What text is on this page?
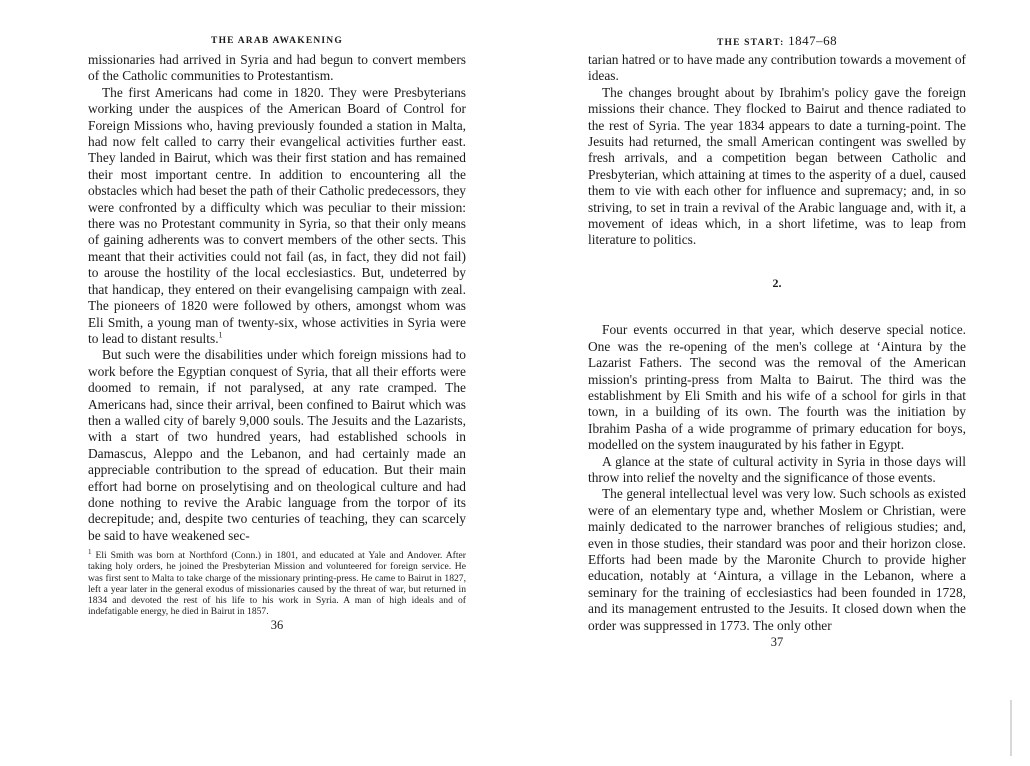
THE ARAB AWAKENING

missionaries had arrived in Syria and had begun to convert members of the Catholic communities to Protestantism.

The first Americans had come in 1820. They were Presbyterians working under the auspices of the American Board of Control for Foreign Missions who, having previously founded a station in Malta, had now felt called to carry their evangelical activities further east. They landed in Bairut, which was their first station and has remained their most important centre. In addition to encountering all the obstacles which had beset the path of their Catholic predecessors, they were confronted by a difficulty which was peculiar to their mission: there was no Protestant community in Syria, so that their only means of gaining adherents was to convert members of the other sects. This meant that their activities could not fail (as, in fact, they did not fail) to arouse the hostility of the local ecclesiastics. But, undeterred by that handicap, they entered on their evangelising campaign with zeal. The pioneers of 1820 were followed by others, amongst whom was Eli Smith, a young man of twenty-six, whose activities in Syria were to lead to distant results.$^1$

But such were the disabilities under which foreign missions had to work before the Egyptian conquest of Syria, that all their efforts were doomed to remain, if not paralysed, at any rate cramped. The Americans had, since their arrival, been confined to Bairut which was then a walled city of barely 9,000 souls. The Jesuits and the Lazarists, with a start of two hundred years, had established schools in Damascus, Aleppo and the Lebanon, and had certainly made an appreciable contribution to the spread of education. But their main effort had borne on proselytising and on theological culture and had done nothing to revive the Arabic language from the torpor of its decrepitude; and, despite two centuries of teaching, they can scarcely be said to have weakened sec-

$^1$ Eli Smith was born at Northford (Conn.) in 1801, and educated at Yale and Andover. After taking holy orders, he joined the Presbyterian Mission and volunteered for foreign service. He was first sent to Malta to take charge of the missionary printing-press. He came to Bairut in 1827, left a year later in the general exodus of missionaries caused by the threat of war, but returned in 1834 and devoted the rest of his life to his work in Syria. A man of high ideals and of indefatigable energy, he died in Bairut in 1857.
36
THE START: 1847–68

tarian hatred or to have made any contribution towards a movement of ideas.

The changes brought about by Ibrahim's policy gave the foreign missions their chance. They flocked to Bairut and thence radiated to the rest of Syria. The year 1834 appears to date a turning-point. The Jesuits had returned, the small American contingent was swelled by fresh arrivals, and a competition began between Catholic and Presbyterian, which attaining at times to the asperity of a duel, caused them to vie with each other for influence and supremacy; and, in so striving, to set in train a revival of the Arabic language and, with it, a movement of ideas which, in a short lifetime, was to leap from literature to politics.

2.

Four events occurred in that year, which deserve special notice. One was the re-opening of the men's college at ‘Aintura by the Lazarist Fathers. The second was the removal of the American mission's printing-press from Malta to Bairut. The third was the establishment by Eli Smith and his wife of a school for girls in that town, in a building of its own. The fourth was the initiation by Ibrahim Pasha of a wide programme of primary education for boys, modelled on the system inaugurated by his father in Egypt.

A glance at the state of cultural activity in Syria in those days will throw into relief the novelty and the significance of those events.

The general intellectual level was very low. Such schools as existed were of an elementary type and, whether Moslem or Christian, were mainly dedicated to the narrower branches of religious studies; and, even in those studies, their standard was poor and their horizon close. Efforts had been made by the Maronite Church to provide higher education, notably at ‘Aintura, a village in the Lebanon, where a seminary for the training of ecclesiastics had been founded in 1728, and its management entrusted to the Jesuits. It closed down when the order was suppressed in 1773. The only other

37
